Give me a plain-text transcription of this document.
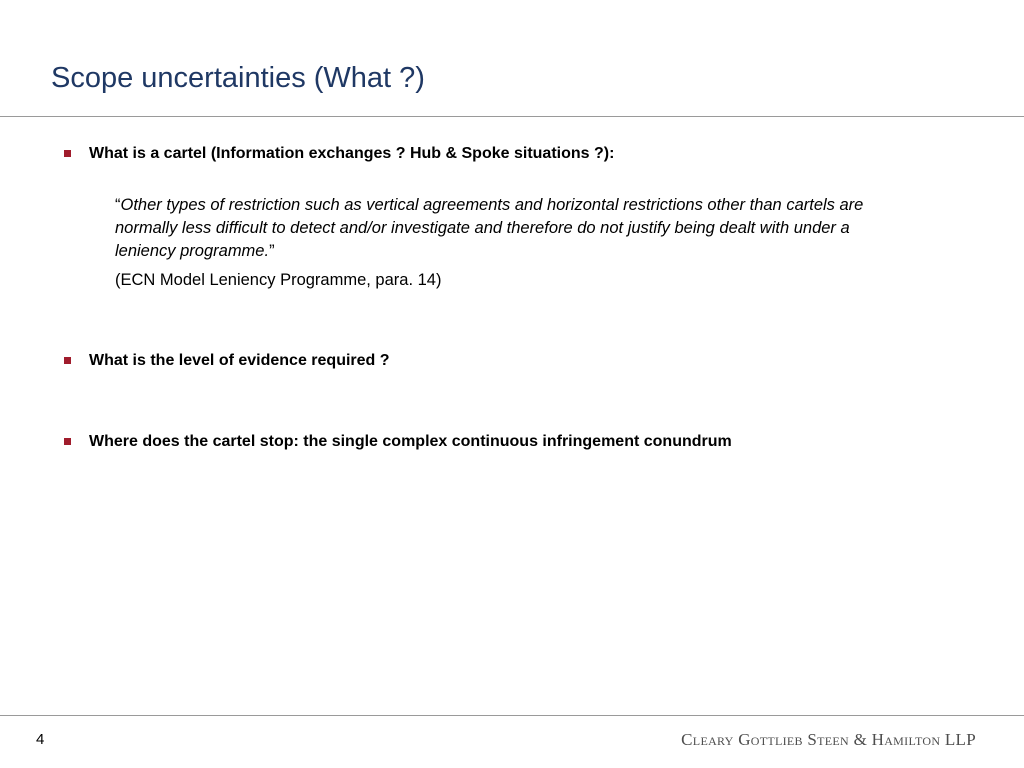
Scope uncertainties (What ?)
What is a cartel (Information exchanges ? Hub & Spoke situations ?):
“Other types of restriction such as vertical agreements and horizontal restrictions other than cartels are normally less difficult to detect and/or investigate and therefore do not justify being dealt with under a leniency programme.”
(ECN Model Leniency Programme, para. 14)
What is the level of evidence required ?
Where does the cartel stop: the single complex continuous infringement conundrum
4	Cleary Gottlieb Steen & Hamilton LLP
